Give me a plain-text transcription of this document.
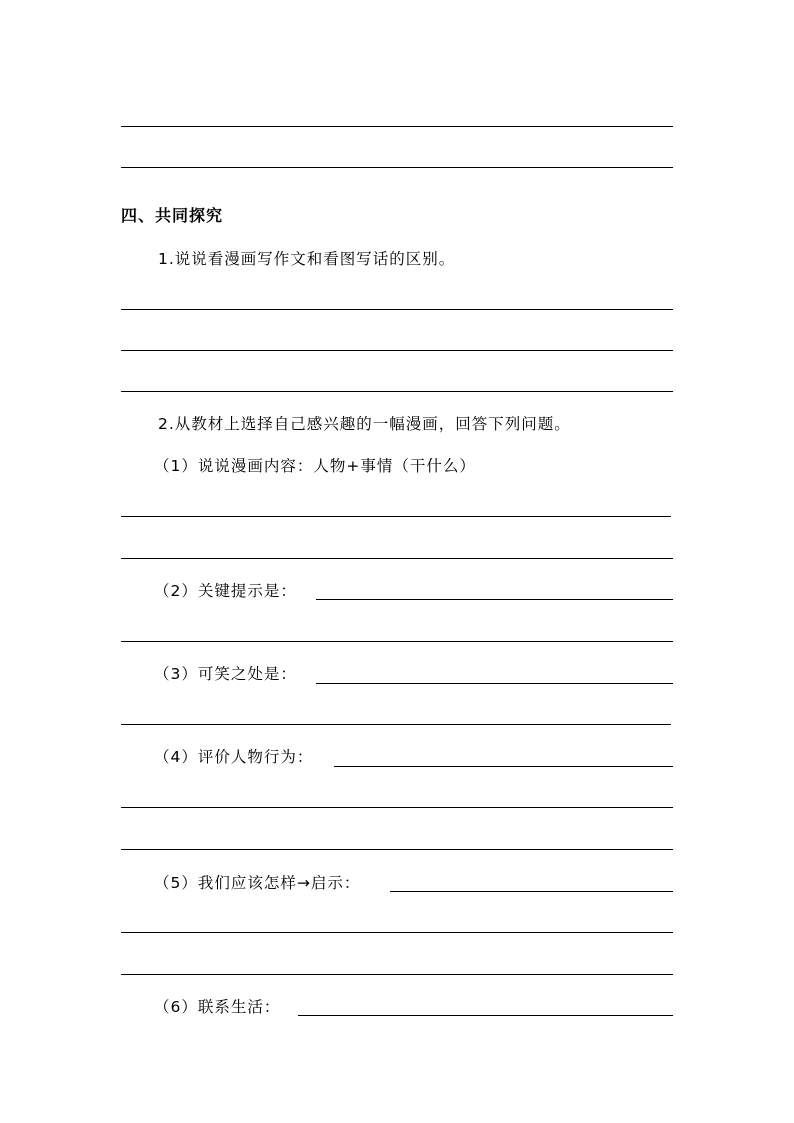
四、共同探究
1.说说看漫画写作文和看图写话的区别。
2.从教材上选择自己感兴趣的一幅漫画，回答下列问题。
（1）说说漫画内容：人物+事情（干什么）
（2）关键提示是：
（3）可笑之处是：
（4）评价人物行为：
（5）我们应该怎样→启示：
（6）联系生活：
